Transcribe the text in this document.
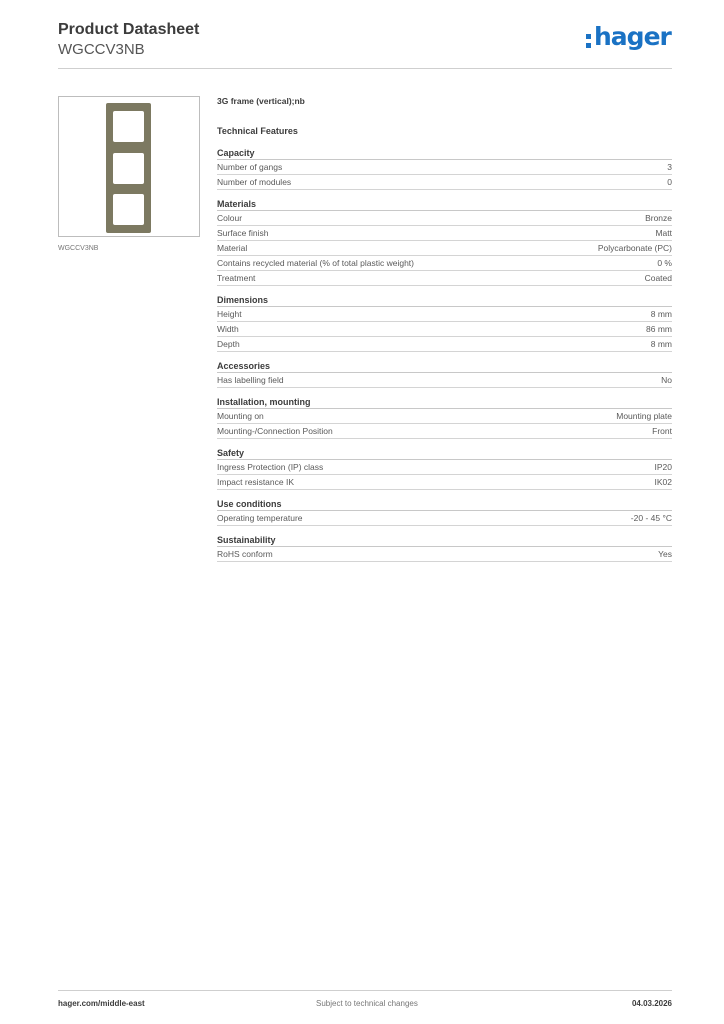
Product Datasheet
WGCCV3NB	hager
WGCCV3NB
3G frame (vertical);nb
Technical Features
Capacity
Number of gangs	3
Number of modules	0
Materials
Colour	Bronze
Surface finish	Matt
Material	Polycarbonate (PC)
Contains recycled material (% of total plastic weight)	0 %
Treatment	Coated
Dimensions
Height	8 mm
Width	86 mm
Depth	8 mm
Accessories
Has labelling field	No
Installation, mounting
Mounting on	Mounting plate
Mounting-/Connection Position	Front
Safety
Ingress Protection (IP) class	IP20
Impact resistance IK	IK02
Use conditions
Operating temperature	-20 - 45 °C
Sustainability
RoHS conform	Yes
hager.com/middle-east	Subject to technical changes	04.03.2026
